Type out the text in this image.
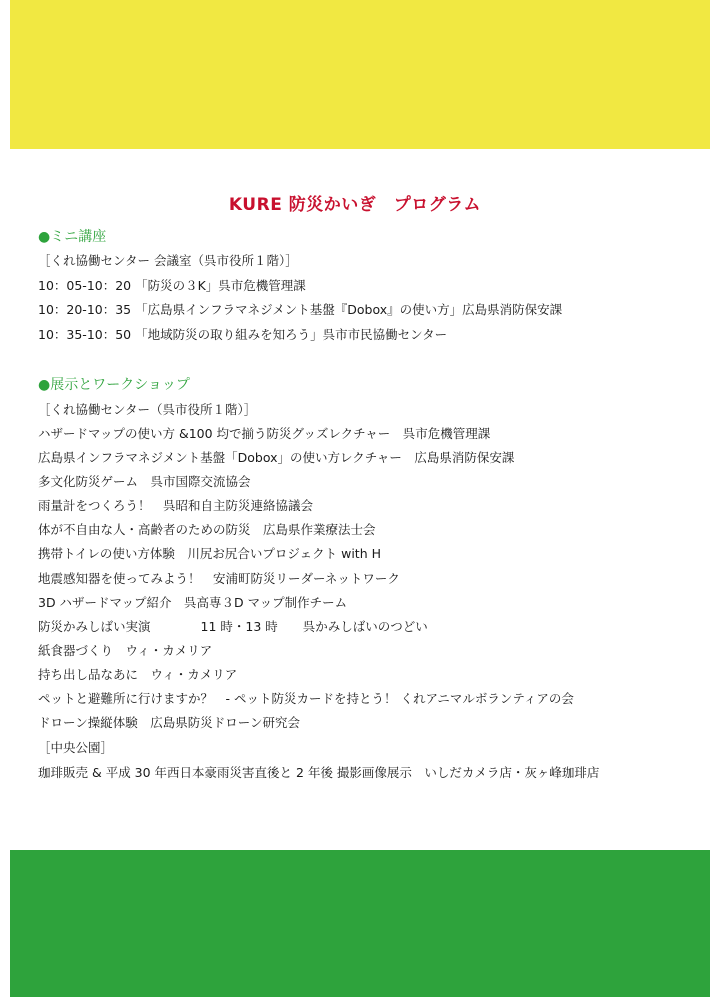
KURE 防災かいぎ　プログラム
●ミニ講座
［くれ協働センター 会議室（呉市役所１階）］
10：05-10：20 「防災の３K」呉市危機管理課
10：20-10：35 「広島県インフラマネジメント基盤『Dobox』の使い方」広島県消防保安課
10：35-10：50 「地域防災の取り組みを知ろう」呉市市民協働センター
●展示とワークショップ
［くれ協働センター（呉市役所１階）］
ハザードマップの使い方 &100 均で揃う防災グッズレクチャー　呉市危機管理課
広島県インフラマネジメント基盤「Dobox」の使い方レクチャー　広島県消防保安課
多文化防災ゲーム　呉市国際交流協会
雨量計をつくろう！　呉昭和自主防災連絡協議会
体が不自由な人・高齢者のための防災　広島県作業療法士会
携帯トイレの使い方体験　川尻お尻合いプロジェクト with H
地震感知器を使ってみよう！　安浦町防災リーダーネットワーク
3D ハザードマップ紹介　呉高専３D マップ制作チーム
防災かみしばい実演　　　　11 時・13 時　　呉かみしばいのつどい
紙食器づくり　ウィ・カメリア
持ち出し品なあに　ウィ・カメリア
ペットと避難所に行けますか？　- ペット防災カードを持とう！ くれアニマルボランティアの会
ドローン操縦体験　広島県防災ドローン研究会
［中央公園］
珈琲販売 & 平成 30 年西日本豪雨災害直後と 2 年後 撮影画像展示　いしだカメラ店・灰ヶ峰珈琲店
